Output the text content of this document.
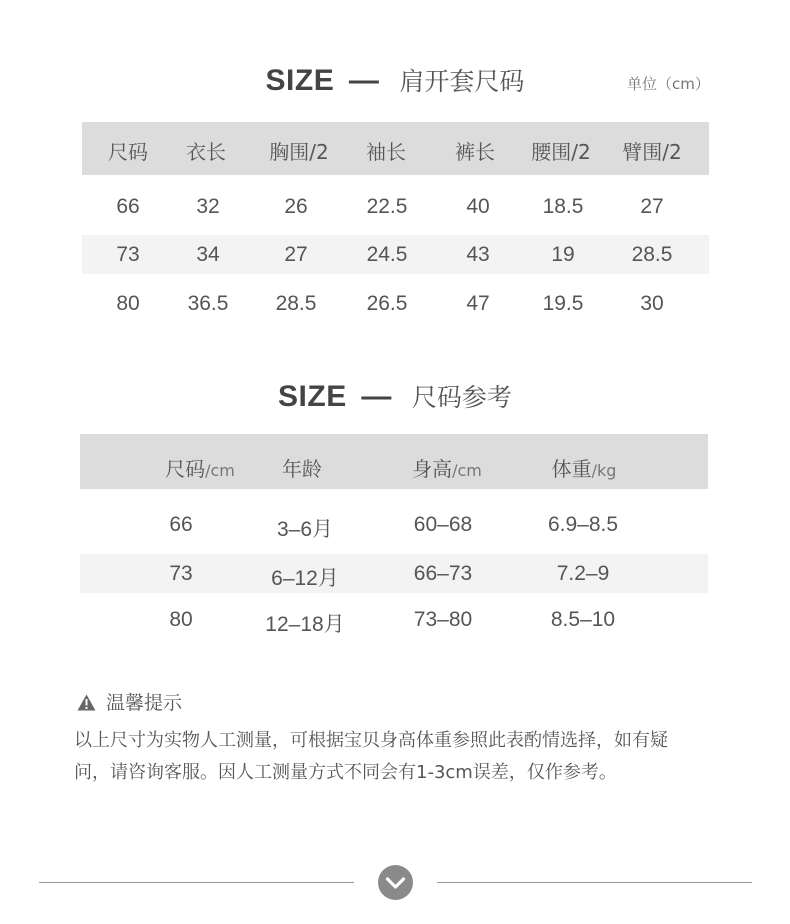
SIZE — 肩开套尺码	单位（cm）
尺码 衣长 胸围/2 袖长 裤长 腰围/2 臂围/2
66	32	26	22.5	40	18.5	27
73	34	27	24.5	43	19	28.5
80 36.5 28.5 26.5	47	19.5	30
SIZE — 尺码参考
尺码/cm 年龄	身高/cm	体重/kg
66	3–6月	60–68	6.9–8.5
73	6–12月	66–73	7.2–9
80	12–18月	73–80	8.5–10
温馨提示
以上尺寸为实物人工测量，可根据宝贝身高体重参照此表酌情选择，如有疑
问，请咨询客服。因人工测量方式不同会有1-3cm误差，仅作参考。
